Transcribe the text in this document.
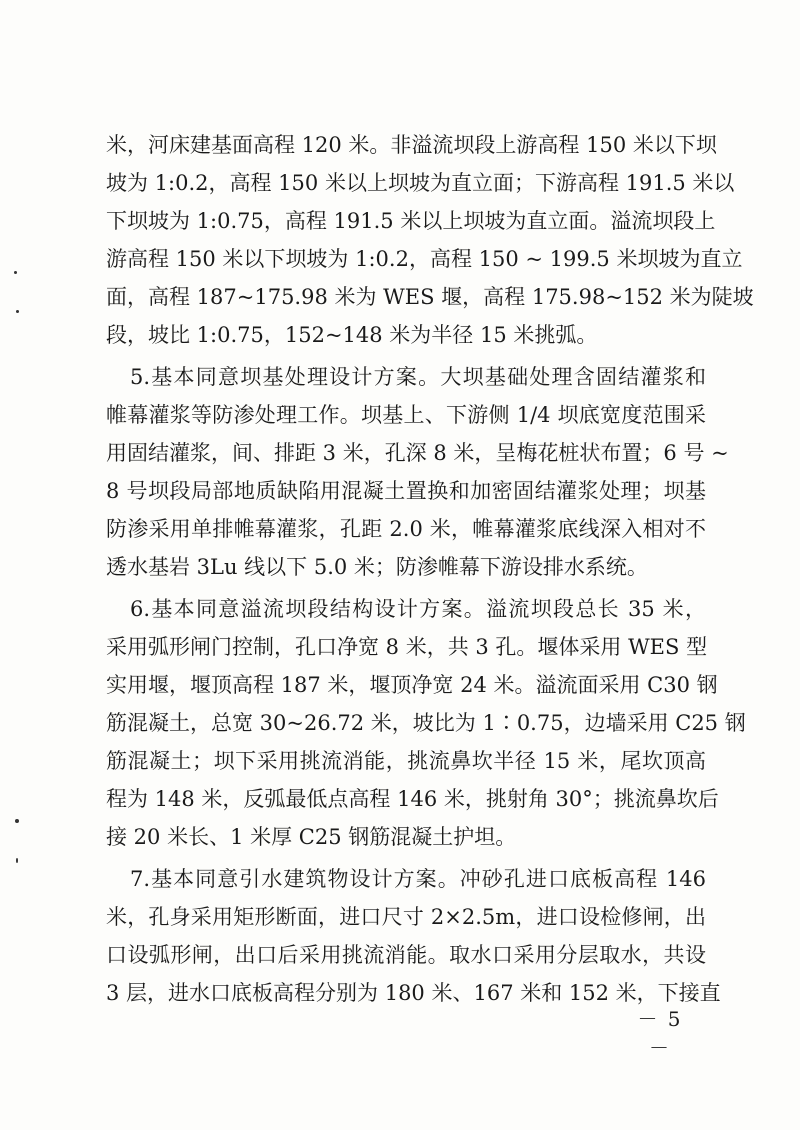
米，河床建基面高程 120 米。非溢流坝段上游高程 150 米以下坝
坡为 1:0.2，高程 150 米以上坝坡为直立面；下游高程 191.5 米以
下坝坡为 1:0.75，高程 191.5 米以上坝坡为直立面。溢流坝段上
游高程 150 米以下坝坡为 1:0.2，高程 150 ~ 199.5 米坝坡为直立
面，高程 187~175.98 米为 WES 堰，高程 175.98~152 米为陡坡
段，坡比 1:0.75，152~148 米为半径 15 米挑弧。
5.基本同意坝基处理设计方案。大坝基础处理含固结灌浆和
帷幕灌浆等防渗处理工作。坝基上、下游侧 1/4 坝底宽度范围采
用固结灌浆，间、排距 3 米，孔深 8 米，呈梅花桩状布置；6 号 ~
8 号坝段局部地质缺陷用混凝土置换和加密固结灌浆处理；坝基
防渗采用单排帷幕灌浆，孔距 2.0 米，帷幕灌浆底线深入相对不
透水基岩 3Lu 线以下 5.0 米；防渗帷幕下游设排水系统。
6.基本同意溢流坝段结构设计方案。溢流坝段总长 35 米，
采用弧形闸门控制，孔口净宽 8 米，共 3 孔。堰体采用 WES 型
实用堰，堰顶高程 187 米，堰顶净宽 24 米。溢流面采用 C30 钢
筋混凝土，总宽 30~26.72 米，坡比为 1∶0.75，边墙采用 C25 钢
筋混凝土；坝下采用挑流消能，挑流鼻坎半径 15 米，尾坎顶高
程为 148 米，反弧最低点高程 146 米，挑射角 30°；挑流鼻坎后
接 20 米长、1 米厚 C25 钢筋混凝土护坦。
7.基本同意引水建筑物设计方案。冲砂孔进口底板高程 146
米，孔身采用矩形断面，进口尺寸 2×2.5m，进口设检修闸，出
口设弧形闸，出口后采用挑流消能。取水口采用分层取水，共设
3 层，进水口底板高程分别为 180 米、167 米和 152 米，下接直
－ 5 －
